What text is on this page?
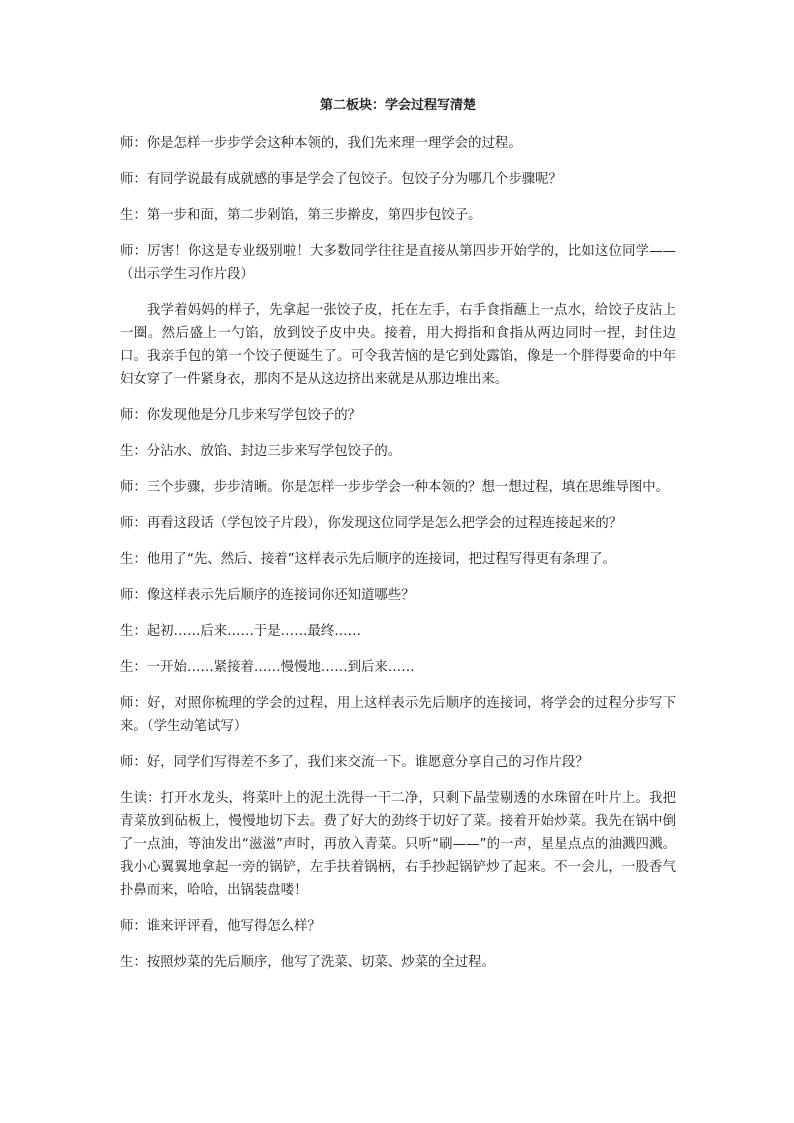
第二板块：学会过程写清楚
师：你是怎样一步步学会这种本领的，我们先来理一理学会的过程。
师：有同学说最有成就感的事是学会了包饺子。包饺子分为哪几个步骤呢？
生：第一步和面，第二步剁馅，第三步擀皮，第四步包饺子。
师：厉害！你这是专业级别啦！大多数同学往往是直接从第四步开始学的，比如这位同学——（出示学生习作片段）
我学着妈妈的样子，先拿起一张饺子皮，托在左手，右手食指蘸上一点水，给饺子皮沾上一圈。然后盛上一勺馅，放到饺子皮中央。接着，用大拇指和食指从两边同时一捏，封住边口。我亲手包的第一个饺子便诞生了。可令我苦恼的是它到处露馅，像是一个胖得要命的中年妇女穿了一件紧身衣，那肉不是从这边挤出来就是从那边堆出来。
师：你发现他是分几步来写学包饺子的？
生：分沾水、放馅、封边三步来写学包饺子的。
师：三个步骤，步步清晰。你是怎样一步步学会一种本领的？想一想过程，填在思维导图中。
师：再看这段话（学包饺子片段），你发现这位同学是怎么把学会的过程连接起来的？
生：他用了“先、然后、接着”这样表示先后顺序的连接词，把过程写得更有条理了。
师：像这样表示先后顺序的连接词你还知道哪些？
生：起初……后来……于是……最终……
生：一开始……紧接着……慢慢地……到后来……
师：好，对照你梳理的学会的过程，用上这样表示先后顺序的连接词，将学会的过程分步写下来。（学生动笔试写）
师：好，同学们写得差不多了，我们来交流一下。谁愿意分享自己的习作片段？
生读：打开水龙头，将菜叶上的泥土洗得一干二净，只剩下晶莹剔透的水珠留在叶片上。我把青菜放到砧板上，慢慢地切下去。费了好大的劲终于切好了菜。接着开始炒菜。我先在锅中倒了一点油，等油发出“滋滋”声时，再放入青菜。只听“刷——”的一声，星星点点的油溅四溅。我小心翼翼地拿起一旁的锅铲，左手扶着锅柄，右手抄起锅铲炒了起来。不一会儿，一股香气扑鼻而来，哈哈，出锅装盘喽！
师：谁来评评看，他写得怎么样？
生：按照炒菜的先后顺序，他写了洗菜、切菜、炒菜的全过程。
